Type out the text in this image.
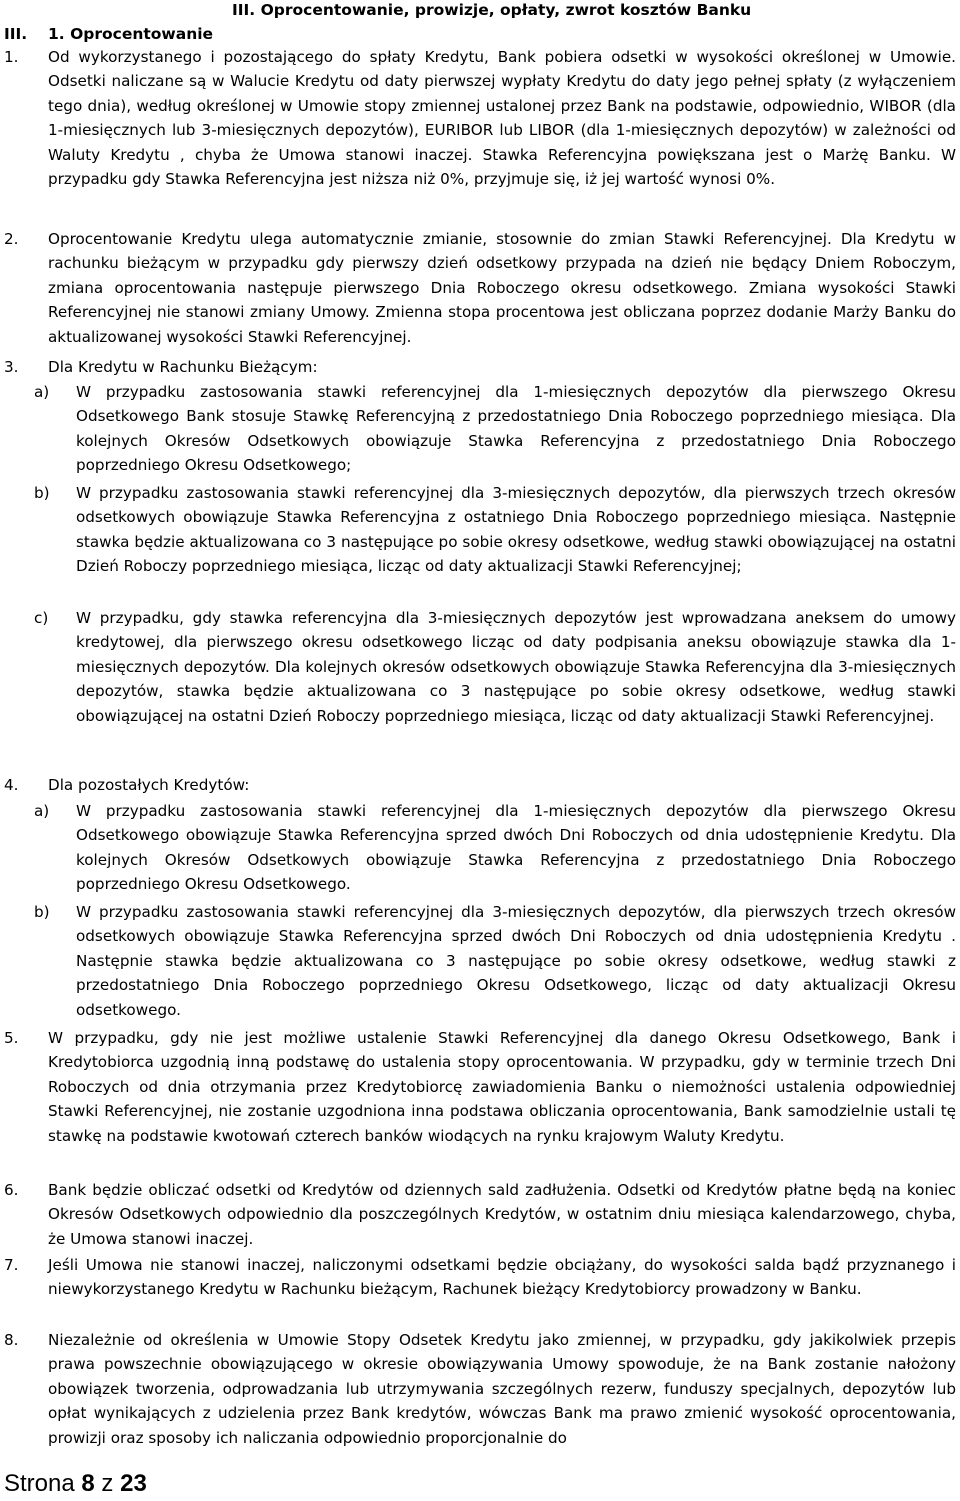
III. Oprocentowanie, prowizje, opłaty, zwrot kosztów Banku
III. 1. Oprocentowanie
1. Od wykorzystanego i pozostającego do spłaty Kredytu, Bank pobiera odsetki w wysokości określonej w Umowie. Odsetki naliczane są w Walucie Kredytu od daty pierwszej wypłaty Kredytu do daty jego pełnej spłaty (z wyłączeniem tego dnia), według określonej w Umowie stopy zmiennej ustalonej przez Bank na podstawie, odpowiednio, WIBOR (dla 1-miesięcznych lub 3-miesięcznych depozytów), EURIBOR lub LIBOR (dla 1-miesięcznych depozytów) w zależności od Waluty Kredytu , chyba że Umowa stanowi inaczej. Stawka Referencyjna powiększana jest o Marżę Banku. W przypadku gdy Stawka Referencyjna jest niższa niż 0%, przyjmuje się, iż jej wartość wynosi 0%.
2. Oprocentowanie Kredytu ulega automatycznie zmianie, stosownie do zmian Stawki Referencyjnej. Dla Kredytu w rachunku bieżącym w przypadku gdy pierwszy dzień odsetkowy przypada na dzień nie będący Dniem Roboczym, zmiana oprocentowania następuje pierwszego Dnia Roboczego okresu odsetkowego. Zmiana wysokości Stawki Referencyjnej nie stanowi zmiany Umowy. Zmienna stopa procentowa jest obliczana poprzez dodanie Marży Banku do aktualizowanej wysokości Stawki Referencyjnej.
3. Dla Kredytu w Rachunku Bieżącym:
a) W przypadku zastosowania stawki referencyjnej dla 1-miesięcznych depozytów dla pierwszego Okresu Odsetkowego Bank stosuje Stawkę Referencyjną z przedostatniego Dnia Roboczego poprzedniego miesiąca. Dla kolejnych Okresów Odsetkowych obowiązuje Stawka Referencyjna z przedostatniego Dnia Roboczego poprzedniego Okresu Odsetkowego;
b) W przypadku zastosowania stawki referencyjnej dla 3-miesięcznych depozytów, dla pierwszych trzech okresów odsetkowych obowiązuje Stawka Referencyjna z ostatniego Dnia Roboczego poprzedniego miesiąca. Następnie stawka będzie aktualizowana co 3 następujące po sobie okresy odsetkowe, według stawki obowiązującej na ostatni Dzień Roboczy poprzedniego miesiąca, licząc od daty aktualizacji Stawki Referencyjnej;
c) W przypadku, gdy stawka referencyjna dla 3-miesięcznych depozytów jest wprowadzana aneksem do umowy kredytowej, dla pierwszego okresu odsetkowego licząc od daty podpisania aneksu obowiązuje stawka dla 1-miesięcznych depozytów. Dla kolejnych okresów odsetkowych obowiązuje Stawka Referencyjna dla 3-miesięcznych depozytów, stawka będzie aktualizowana co 3 następujące po sobie okresy odsetkowe, według stawki obowiązującej na ostatni Dzień Roboczy poprzedniego miesiąca, licząc od daty aktualizacji Stawki Referencyjnej.
4. Dla pozostałych Kredytów:
a) W przypadku zastosowania stawki referencyjnej dla 1-miesięcznych depozytów dla pierwszego Okresu Odsetkowego obowiązuje Stawka Referencyjna sprzed dwóch Dni Roboczych od dnia udostępnienie Kredytu. Dla kolejnych Okresów Odsetkowych obowiązuje Stawka Referencyjna z przedostatniego Dnia Roboczego poprzedniego Okresu Odsetkowego.
b) W przypadku zastosowania stawki referencyjnej dla 3-miesięcznych depozytów, dla pierwszych trzech okresów odsetkowych obowiązuje Stawka Referencyjna sprzed dwóch Dni Roboczych od dnia udostępnienia Kredytu . Następnie stawka będzie aktualizowana co 3 następujące po sobie okresy odsetkowe, według stawki z przedostatniego Dnia Roboczego poprzedniego Okresu Odsetkowego, licząc od daty aktualizacji Okresu odsetkowego.
5. W przypadku, gdy nie jest możliwe ustalenie Stawki Referencyjnej dla danego Okresu Odsetkowego, Bank i Kredytobiorca uzgodnią inną podstawę do ustalenia stopy oprocentowania. W przypadku, gdy w terminie trzech Dni Roboczych od dnia otrzymania przez Kredytobiorcę zawiadomienia Banku o niemożności ustalenia odpowiedniej Stawki Referencyjnej, nie zostanie uzgodniona inna podstawa obliczania oprocentowania, Bank samodzielnie ustali tę stawkę na podstawie kwotowań czterech banków wiodących na rynku krajowym Waluty Kredytu.
6. Bank będzie obliczać odsetki od Kredytów od dziennych sald zadłużenia. Odsetki od Kredytów płatne będą na koniec Okresów Odsetkowych odpowiednio dla poszczególnych Kredytów, w ostatnim dniu miesiąca kalendarzowego, chyba, że Umowa stanowi inaczej.
7. Jeśli Umowa nie stanowi inaczej, naliczonymi odsetkami będzie obciążany, do wysokości salda bądź przyznanego i niewykorzystanego Kredytu w Rachunku bieżącym, Rachunek bieżący Kredytobiorcy prowadzony w Banku.
8. Niezależnie od określenia w Umowie Stopy Odsetek Kredytu jako zmiennej, w przypadku, gdy jakikolwiek przepis prawa powszechnie obowiązującego w okresie obowiązywania Umowy spowoduje, że na Bank zostanie nałożony obowiązek tworzenia, odprowadzania lub utrzymywania szczególnych rezerw, funduszy specjalnych, depozytów lub opłat wynikających z udzielenia przez Bank kredytów, wówczas Bank ma prawo zmienić wysokość oprocentowania, prowizji oraz sposoby ich naliczania odpowiednio proporcjonalnie do
Strona 8 z 23
